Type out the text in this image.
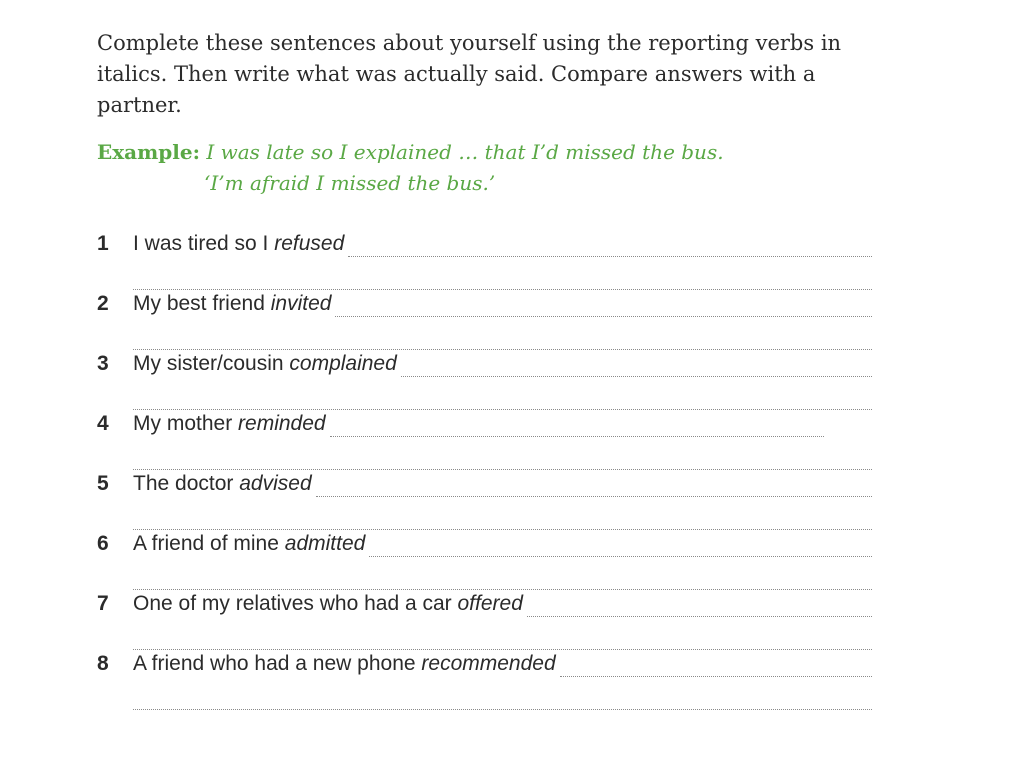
Complete these sentences about yourself using the reporting verbs in italics. Then write what was actually said. Compare answers with a partner.

Example: I was late so I explained … that I’d missed the bus.
‘I’m afraid I missed the bus.’
1	I was tired so I refused
2	My best friend invited
3	My sister/cousin complained
4	My mother reminded
5	The doctor advised
6	A friend of mine admitted
7	One of my relatives who had a car offered
8	A friend who had a new phone recommended
